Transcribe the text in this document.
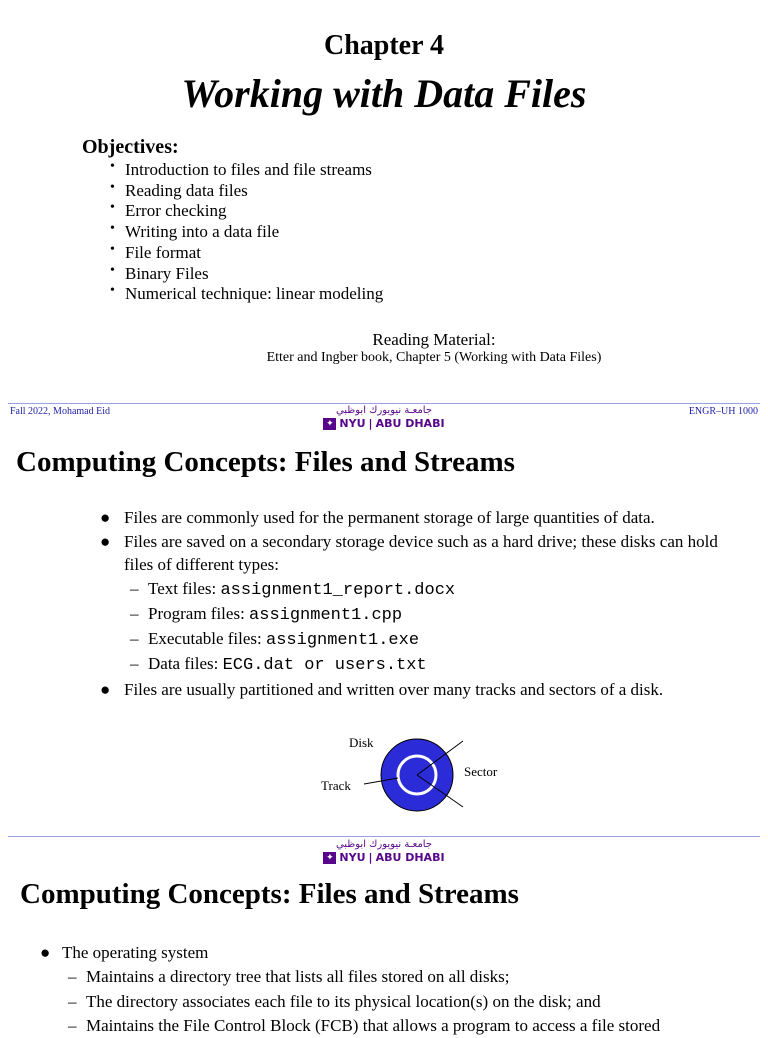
Chapter 4
Working with Data Files
Objectives:
• Introduction to files and file streams
• Reading data files
• Error checking
• Writing into a data file
• File format
• Binary Files
• Numerical technique: linear modeling
Reading Material:
Etter and Ingber book, Chapter 5 (Working with Data Files)
Fall 2022, Mohamad Eid	ENGR–UH 1000
جامعـة نيويورك ابوظبي
✦ NYU | ABU DHABI
Computing Concepts: Files and Streams
● Files are commonly used for the permanent storage of large quantities of data.
● Files are saved on a secondary storage device such as a hard drive; these disks can hold files of different types:
– Text files: assignment1_report.docx
– Program files: assignment1.cpp
– Executable files: assignment1.exe
– Data files: ECG.dat or users.txt
● Files are usually partitioned and written over many tracks and sectors of a disk.
Disk
Track
Sector
جامعـة نيويورك ابوظبي
✦ NYU | ABU DHABI
Computing Concepts: Files and Streams
● The operating system
– Maintains a directory tree that lists all files stored on all disks;
– The directory associates each file to its physical location(s) on the disk; and
– Maintains the File Control Block (FCB) that allows a program to access a file stored
